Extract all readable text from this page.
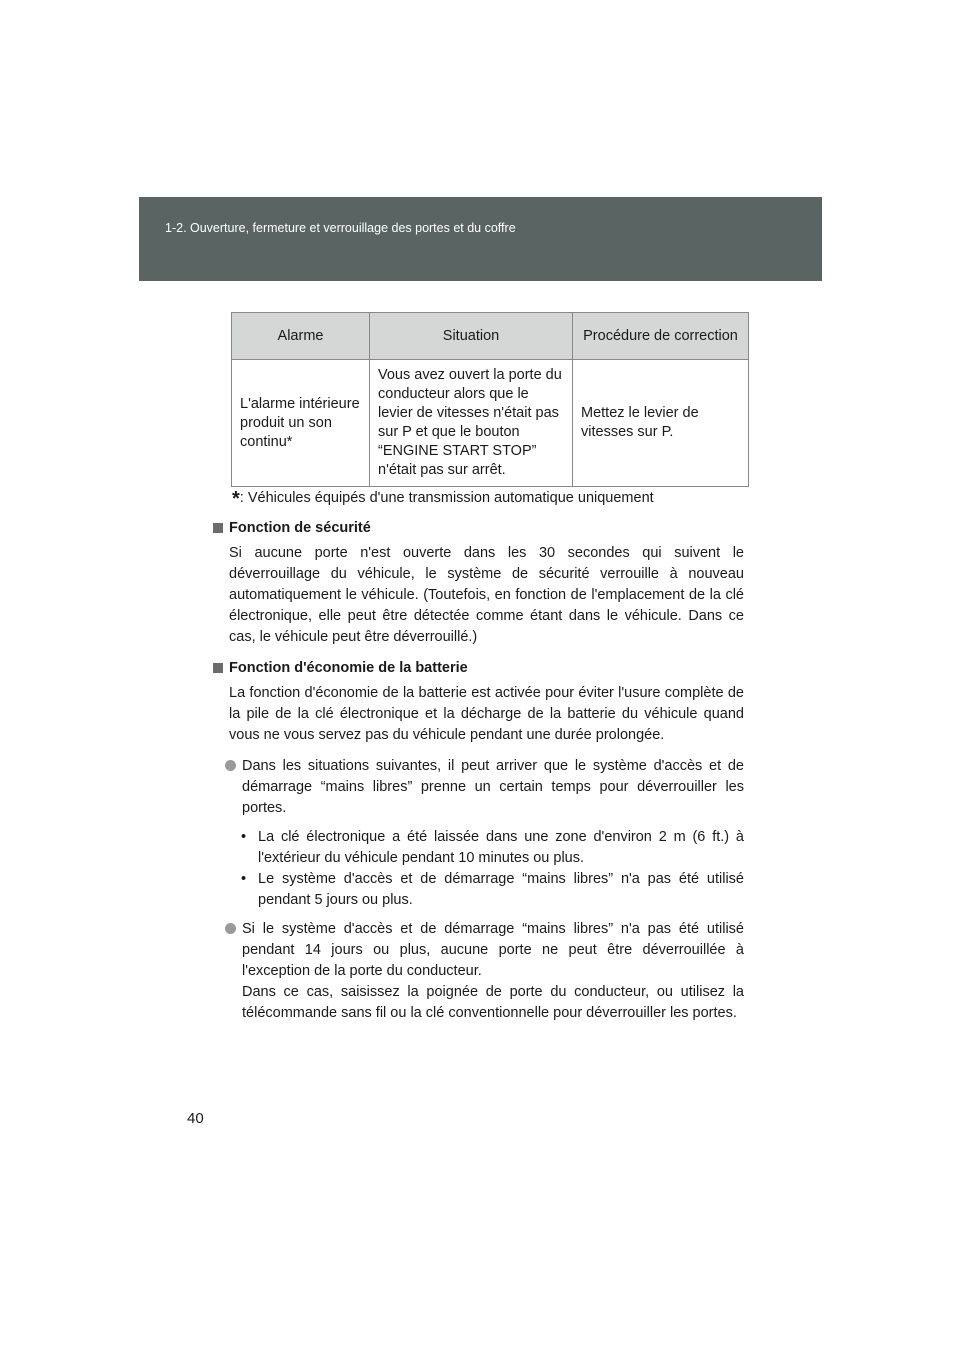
1-2. Ouverture, fermeture et verrouillage des portes et du coffre
Alarme	Situation	Procédure de correction
L'alarme intérieure produit un son continu*	Vous avez ouvert la porte du conducteur alors que le levier de vitesses n'était pas sur P et que le bouton “ENGINE START STOP” n'était pas sur arrêt.	Mettez le levier de vitesses sur P.
*: Véhicules équipés d'une transmission automatique uniquement
Fonction de sécurité

Si aucune porte n'est ouverte dans les 30 secondes qui suivent le déverrouillage du véhicule, le système de sécurité verrouille à nouveau automatiquement le véhicule. (Toutefois, en fonction de l'emplacement de la clé électronique, elle peut être détectée comme étant dans le véhicule. Dans ce cas, le véhicule peut être déverrouillé.)

Fonction d'économie de la batterie

La fonction d'économie de la batterie est activée pour éviter l'usure complète de la pile de la clé électronique et la décharge de la batterie du véhicule quand vous ne vous servez pas du véhicule pendant une durée prolongée.

Dans les situations suivantes, il peut arriver que le système d'accès et de démarrage “mains libres” prenne un certain temps pour déverrouiller les portes.
• La clé électronique a été laissée dans une zone d'environ 2 m (6 ft.) à l'extérieur du véhicule pendant 10 minutes ou plus.
• Le système d'accès et de démarrage “mains libres” n'a pas été utilisé pendant 5 jours ou plus.
Si le système d'accès et de démarrage “mains libres” n'a pas été utilisé pendant 14 jours ou plus, aucune porte ne peut être déverrouillée à l'exception de la porte du conducteur.
Dans ce cas, saisissez la poignée de porte du conducteur, ou utilisez la télécommande sans fil ou la clé conventionnelle pour déverrouiller les portes.
40
